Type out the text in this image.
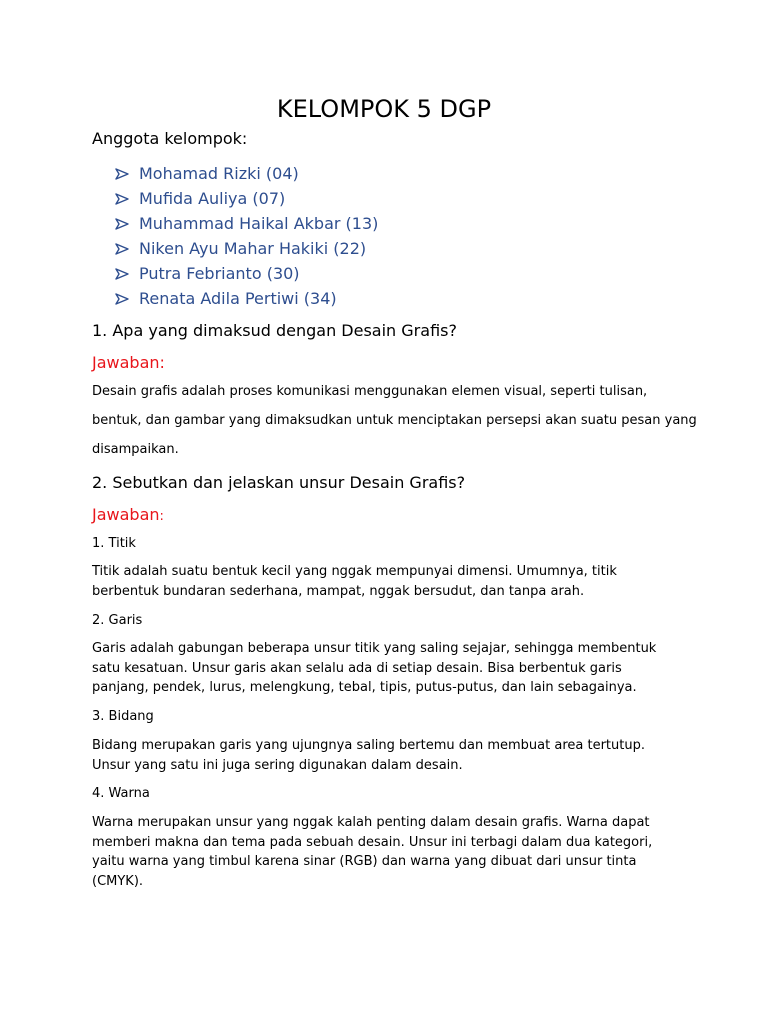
KELOMPOK 5 DGP
Anggota kelompok:
Mohamad Rizki (04)
Mufida Auliya (07)
Muhammad Haikal Akbar (13)
Niken Ayu Mahar Hakiki (22)
Putra Febrianto (30)
Renata Adila Pertiwi (34)
1. Apa yang dimaksud dengan Desain Grafis?
Jawaban:
Desain grafis adalah proses komunikasi menggunakan elemen visual, seperti tulisan,
bentuk, dan gambar yang dimaksudkan untuk menciptakan persepsi akan suatu pesan yang
disampaikan.
2. Sebutkan dan jelaskan unsur Desain Grafis?
Jawaban:
1. Titik
Titik adalah suatu bentuk kecil yang nggak mempunyai dimensi. Umumnya, titik berbentuk bundaran sederhana, mampat, nggak bersudut, dan tanpa arah.
2. Garis
Garis adalah gabungan beberapa unsur titik yang saling sejajar, sehingga membentuk satu kesatuan. Unsur garis akan selalu ada di setiap desain. Bisa berbentuk garis panjang, pendek, lurus, melengkung, tebal, tipis, putus-putus, dan lain sebagainya.
3. Bidang
Bidang merupakan garis yang ujungnya saling bertemu dan membuat area tertutup. Unsur yang satu ini juga sering digunakan dalam desain.
4. Warna
Warna merupakan unsur yang nggak kalah penting dalam desain grafis. Warna dapat memberi makna dan tema pada sebuah desain. Unsur ini terbagi dalam dua kategori, yaitu warna yang timbul karena sinar (RGB) dan warna yang dibuat dari unsur tinta (CMYK).
